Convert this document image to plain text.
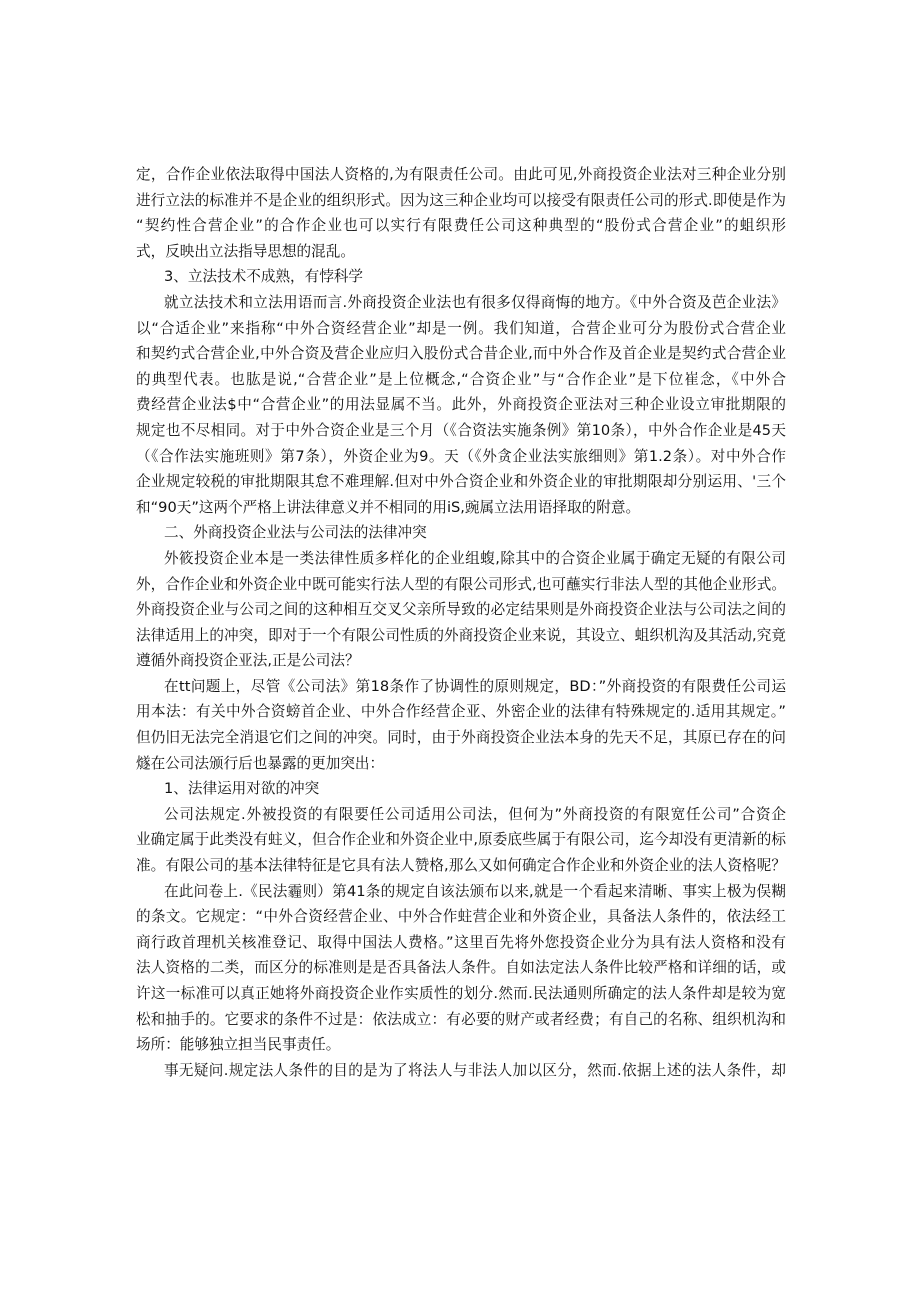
定，合作企业依法取得中国法人资格的,为有限责任公司。由此可见,外商投资企业法对三种企业分别
进行立法的标准并不是企业的组织形式。因为这三种企业均可以接受有限责任公司的形式.即使是作为
“契约性合营企业”的合作企业也可以实行有限费任公司这种典型的“股份式合营企业”的蛆织形
式，反映出立法指导思想的混乱。
3、立法技术不成熟，有悖科学
就立法技术和立法用语而言.外商投资企业法也有很多仅得商悔的地方。《中外合资及芭企业法》
以“合适企业”来指称“中外合资经营企业”却是一例。我们知道，合营企业可分为股份式合营企业
和契约式合营企业,中外合资及营企业应归入股份式合昔企业,而中外合作及首企业是契约式合营企业
的典型代表。也肱是说,“合营企业”是上位概念,“合资企业”与“合作企业”是下位崔念，《中外合
费经营企业法$中“合营企业”的用法显属不当。此外，外商投资企亚法对三种企业设立审批期限的
规定也不尽相同。对于中外合资企业是三个月（《合资法实施条例》第10条），中外合作企业是45天
（《合作法实施班则》第7条），外资企业为9。天（《外贪企业法实旅细则》第1.2条）。对中外合作
企业规定较税的审批期限其怠不难理解.但对中外合资企业和外资企业的审批期限却分别运用、'三个
和“90天”这两个严格上讲法律意义并不相同的用iS,豌属立法用语择取的附意。
二、外商投资企业法与公司法的法律冲突
外筱投资企业本是一类法律性质多样化的企业组蝮,除其中的合资企业属于确定无疑的有限公司
外，合作企业和外资企业中既可能实行法人型的有限公司形式,也可蘸实行非法人型的其他企业形式。
外商投资企业与公司之间的这种相互交叉父亲所导致的必定结果则是外商投资企业法与公司法之间的
法律适用上的冲突，即对于一个有限公司性质的外商投资企业来说，其设立、蛆织机沟及其活动,究竟
遵循外商投资企亚法,正是公司法？
在tt问题上，尽管《公司法》第18条作了协调性的原则规定，BD：”外商投资的有限费任公司运
用本法：有关中外合资螃首企业、中外合作经营企亚、外密企业的法律有特殊规定的.适用其规定。”
但仍旧无法完全消退它们之间的冲突。同时，由于外商投资企业法本身的先天不足，其原已存在的问
燧在公司法颁行后也暴露的更加突出：
1、法律运用对欲的冲突
公司法规定.外被投资的有限要任公司适用公司法，但何为”外商投资的有限宽任公司”合资企
业确定属于此类没有蛀义，但合作企业和外资企业中,原委底些属于有限公司，迄今却没有更清新的标
准。有限公司的基本法律特征是它具有法人赞格,那么又如何确定合作企业和外资企业的法人资格呢？
在此问卷上.《民法霾则）第41条的规定自该法颁布以来,就是一个看起来清晰、事实上极为俣糊
的条文。它规定：“中外合资经营企业、中外合作蛀营企业和外资企业，具备法人条件的，依法经工
商行政首理机关核准登记、取得中国法人费格。”这里百先将外您投资企业分为具有法人资格和没有
法人资格的二类，而区分的标准则是是否具备法人条件。自如法定法人条件比较严格和详细的话，或
许这一标准可以真正她将外商投资企业作实质性的划分.然而.民法通则所确定的法人条件却是较为宽
松和抽手的。它要求的条件不过是：依法成立：有必要的财产或者经费；有自己的名称、组织机沟和
场所：能够独立担当民事责任。
事无疑问.规定法人条件的目的是为了将法人与非法人加以区分，然而.依据上述的法人条件，却
